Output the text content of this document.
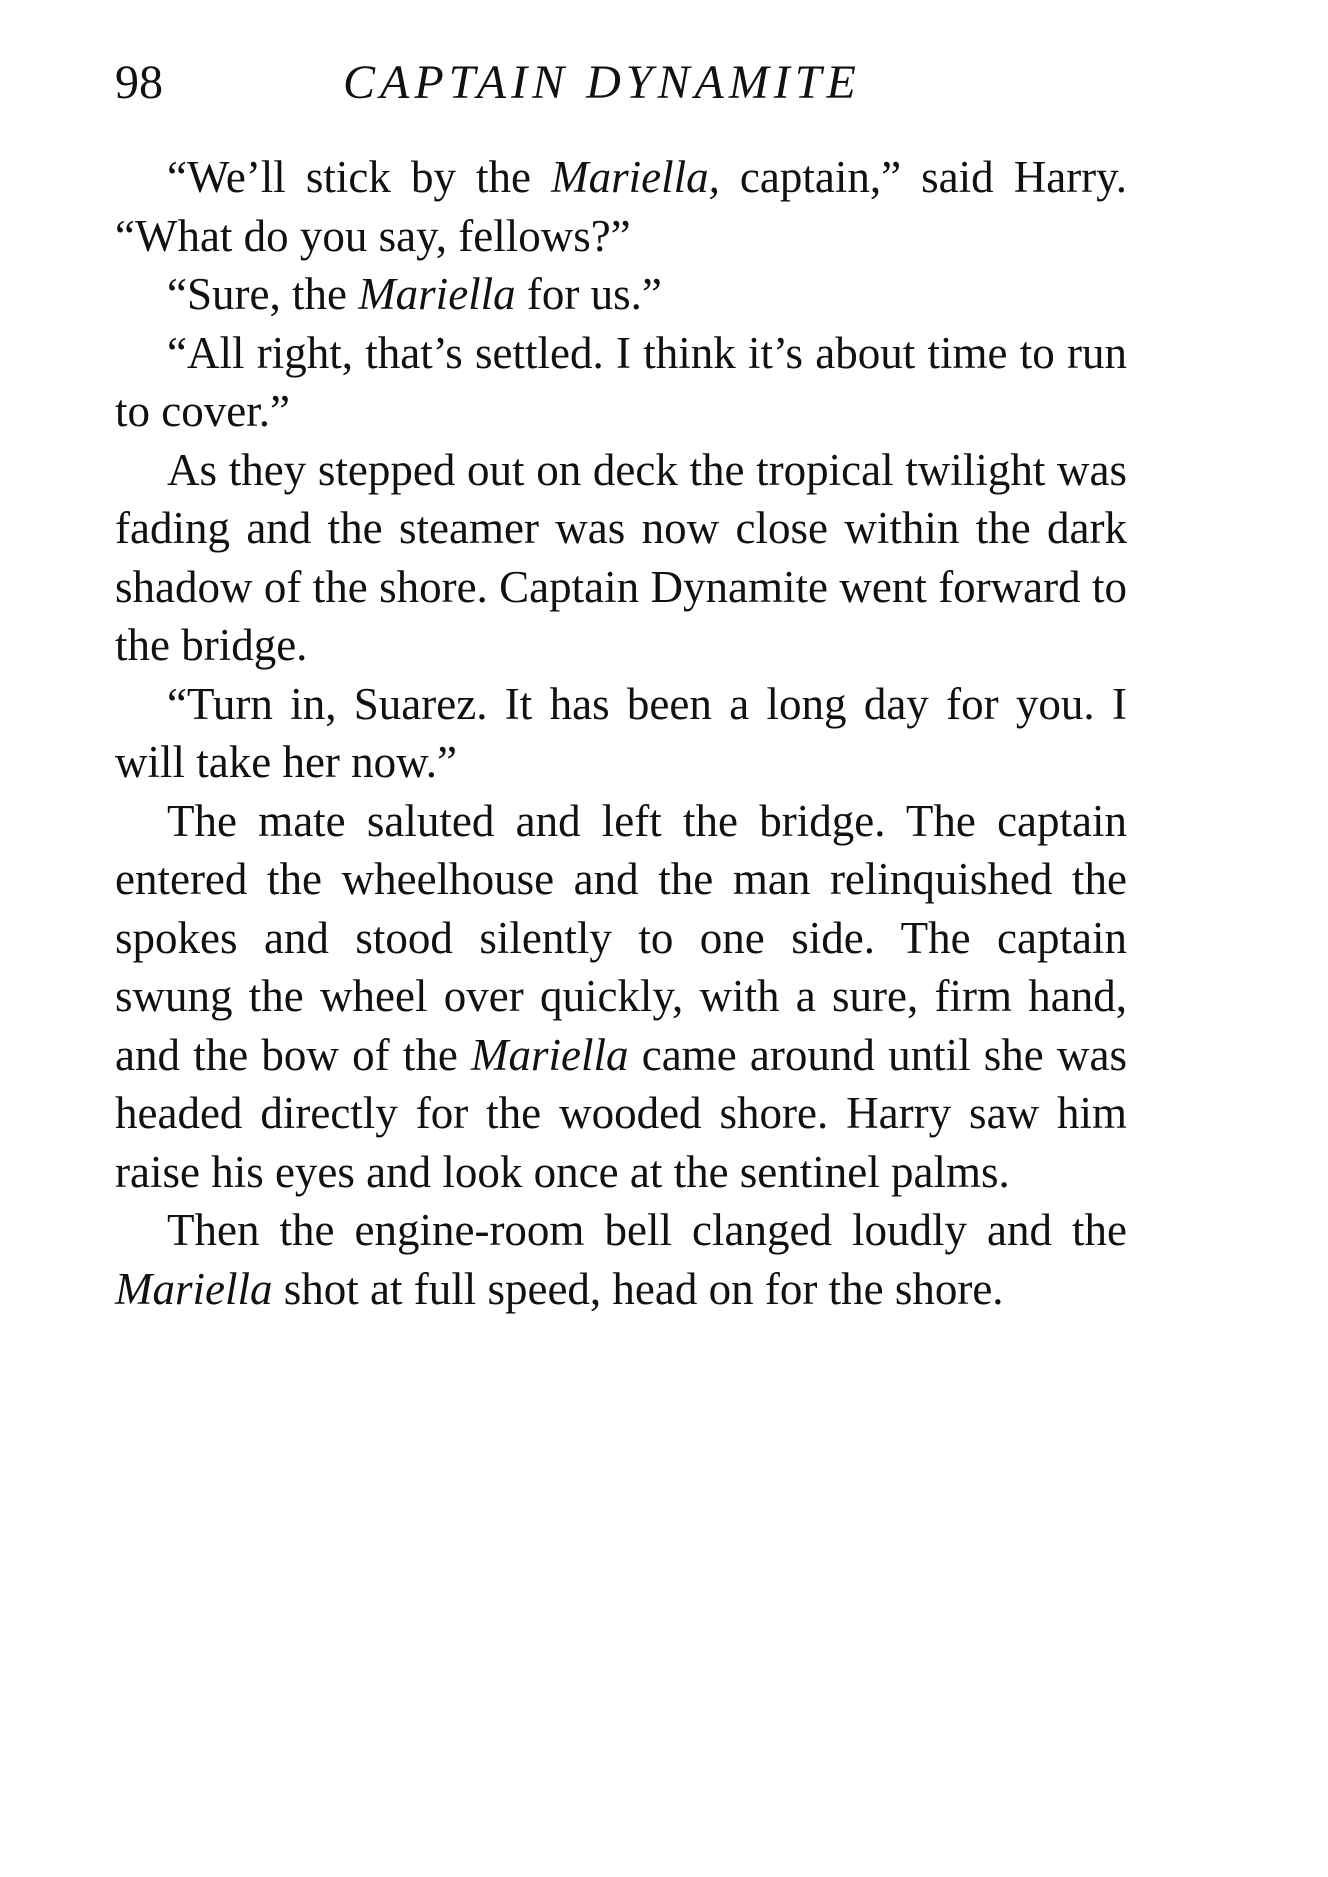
98	CAPTAIN DYNAMITE

“We’ll stick by the Mariella, captain,” said Harry. “What do you say, fellows?”

“Sure, the Mariella for us.”

“All right, that’s settled. I think it’s about time to run to cover.”

As they stepped out on deck the tropical twilight was fading and the steamer was now close within the dark shadow of the shore. Captain Dynamite went forward to the bridge.

“Turn in, Suarez. It has been a long day for you. I will take her now.”

The mate saluted and left the bridge. The captain entered the wheelhouse and the man relinquished the spokes and stood silently to one side. The captain swung the wheel over quickly, with a sure, firm hand, and the bow of the Mariella came around until she was headed directly for the wooded shore. Harry saw him raise his eyes and look once at the sentinel palms.

Then the engine-room bell clanged loudly and the Mariella shot at full speed, head on for the shore.
